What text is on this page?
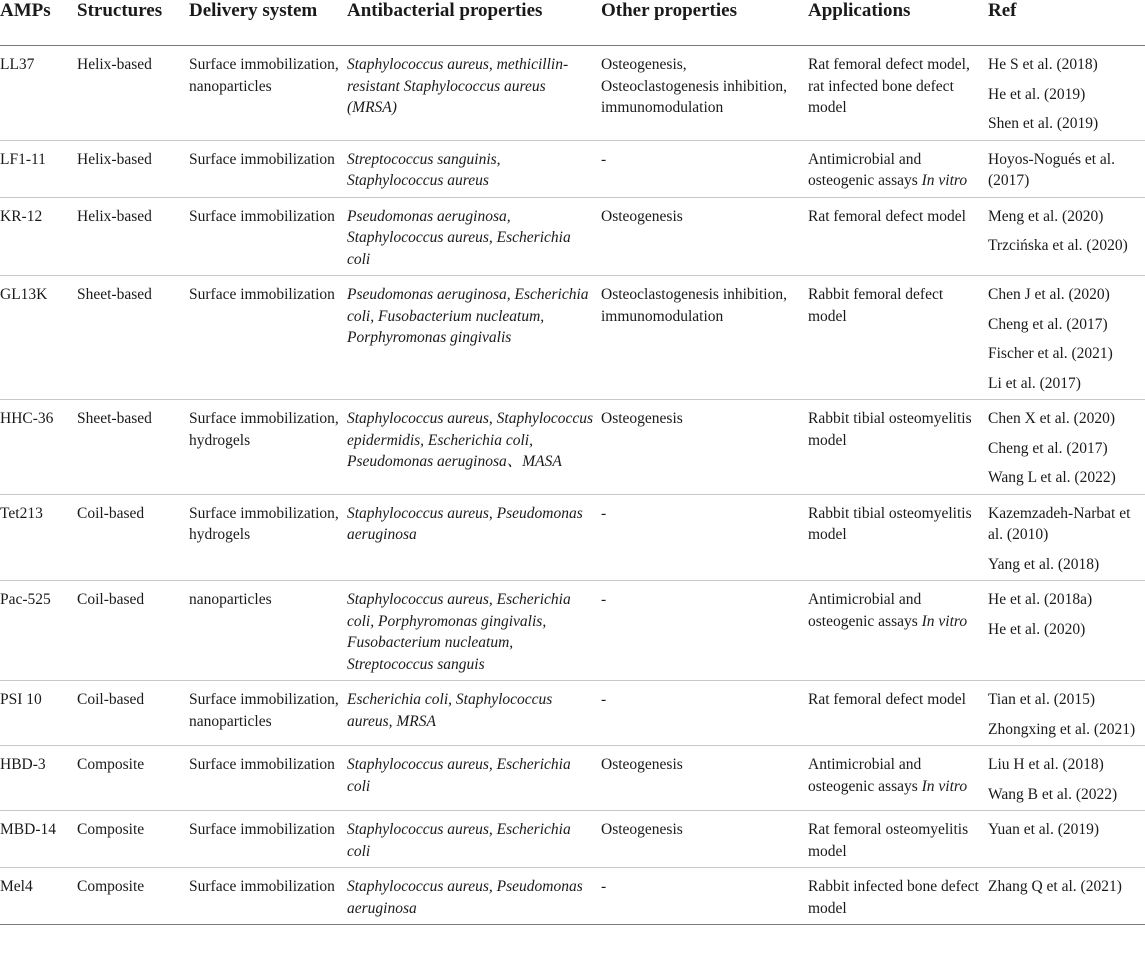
AMPs	Structures	Delivery system	Antibacterial properties	Other properties	Applications	Ref
LL37	Helix-based	Surface immobilization, nanoparticles	Staphylococcus aureus, methicillin-resistant Staphylococcus aureus (MRSA)	Osteogenesis, Osteoclastogenesis inhibition, immunomodulation	Rat femoral defect model, rat infected bone defect model	He S et al. (2018)
He et al. (2019)
Shen et al. (2019)

LF1-11	Helix-based	Surface immobilization	Streptococcus sanguinis, Staphylococcus aureus	-	Antimicrobial and osteogenic assays In vitro	Hoyos-Nogués et al. (2017)

KR-12	Helix-based	Surface immobilization	Pseudomonas aeruginosa, Staphylococcus aureus, Escherichia coli	Osteogenesis	Rat femoral defect model	Meng et al. (2020)
Trzcińska et al. (2020)

GL13K	Sheet-based	Surface immobilization	Pseudomonas aeruginosa, Escherichia coli, Fusobacterium nucleatum, Porphyromonas gingivalis	Osteoclastogenesis inhibition, immunomodulation	Rabbit femoral defect model	Chen J et al. (2020)
Cheng et al. (2017)
Fischer et al. (2021)
Li et al. (2017)

HHC-36	Sheet-based	Surface immobilization, hydrogels	Staphylococcus aureus, Staphylococcus epidermidis, Escherichia coli, Pseudomonas aeruginosa、MASA	Osteogenesis	Rabbit tibial osteomyelitis model	Chen X et al. (2020)
Cheng et al. (2017)
Wang L et al. (2022)

Tet213	Coil-based	Surface immobilization, hydrogels	Staphylococcus aureus, Pseudomonas aeruginosa	-	Rabbit tibial osteomyelitis model	Kazemzadeh-Narbat et al. (2010)
Yang et al. (2018)

Pac-525	Coil-based	nanoparticles	Staphylococcus aureus, Escherichia coli, Porphyromonas gingivalis, Fusobacterium nucleatum, Streptococcus sanguis	-	Antimicrobial and osteogenic assays In vitro	He et al. (2018a)
He et al. (2020)

PSI 10	Coil-based	Surface immobilization, nanoparticles	Escherichia coli, Staphylococcus aureus, MRSA	-	Rat femoral defect model	Tian et al. (2015)
Zhongxing et al. (2021)

HBD-3	Composite	Surface immobilization	Staphylococcus aureus, Escherichia coli	Osteogenesis	Antimicrobial and osteogenic assays In vitro	Liu H et al. (2018)
Wang B et al. (2022)

MBD-14	Composite	Surface immobilization	Staphylococcus aureus, Escherichia coli	Osteogenesis	Rat femoral osteomyelitis model	Yuan et al. (2019)

Mel4	Composite	Surface immobilization	Staphylococcus aureus, Pseudomonas aeruginosa	-	Rabbit infected bone defect model	Zhang Q et al. (2021)
